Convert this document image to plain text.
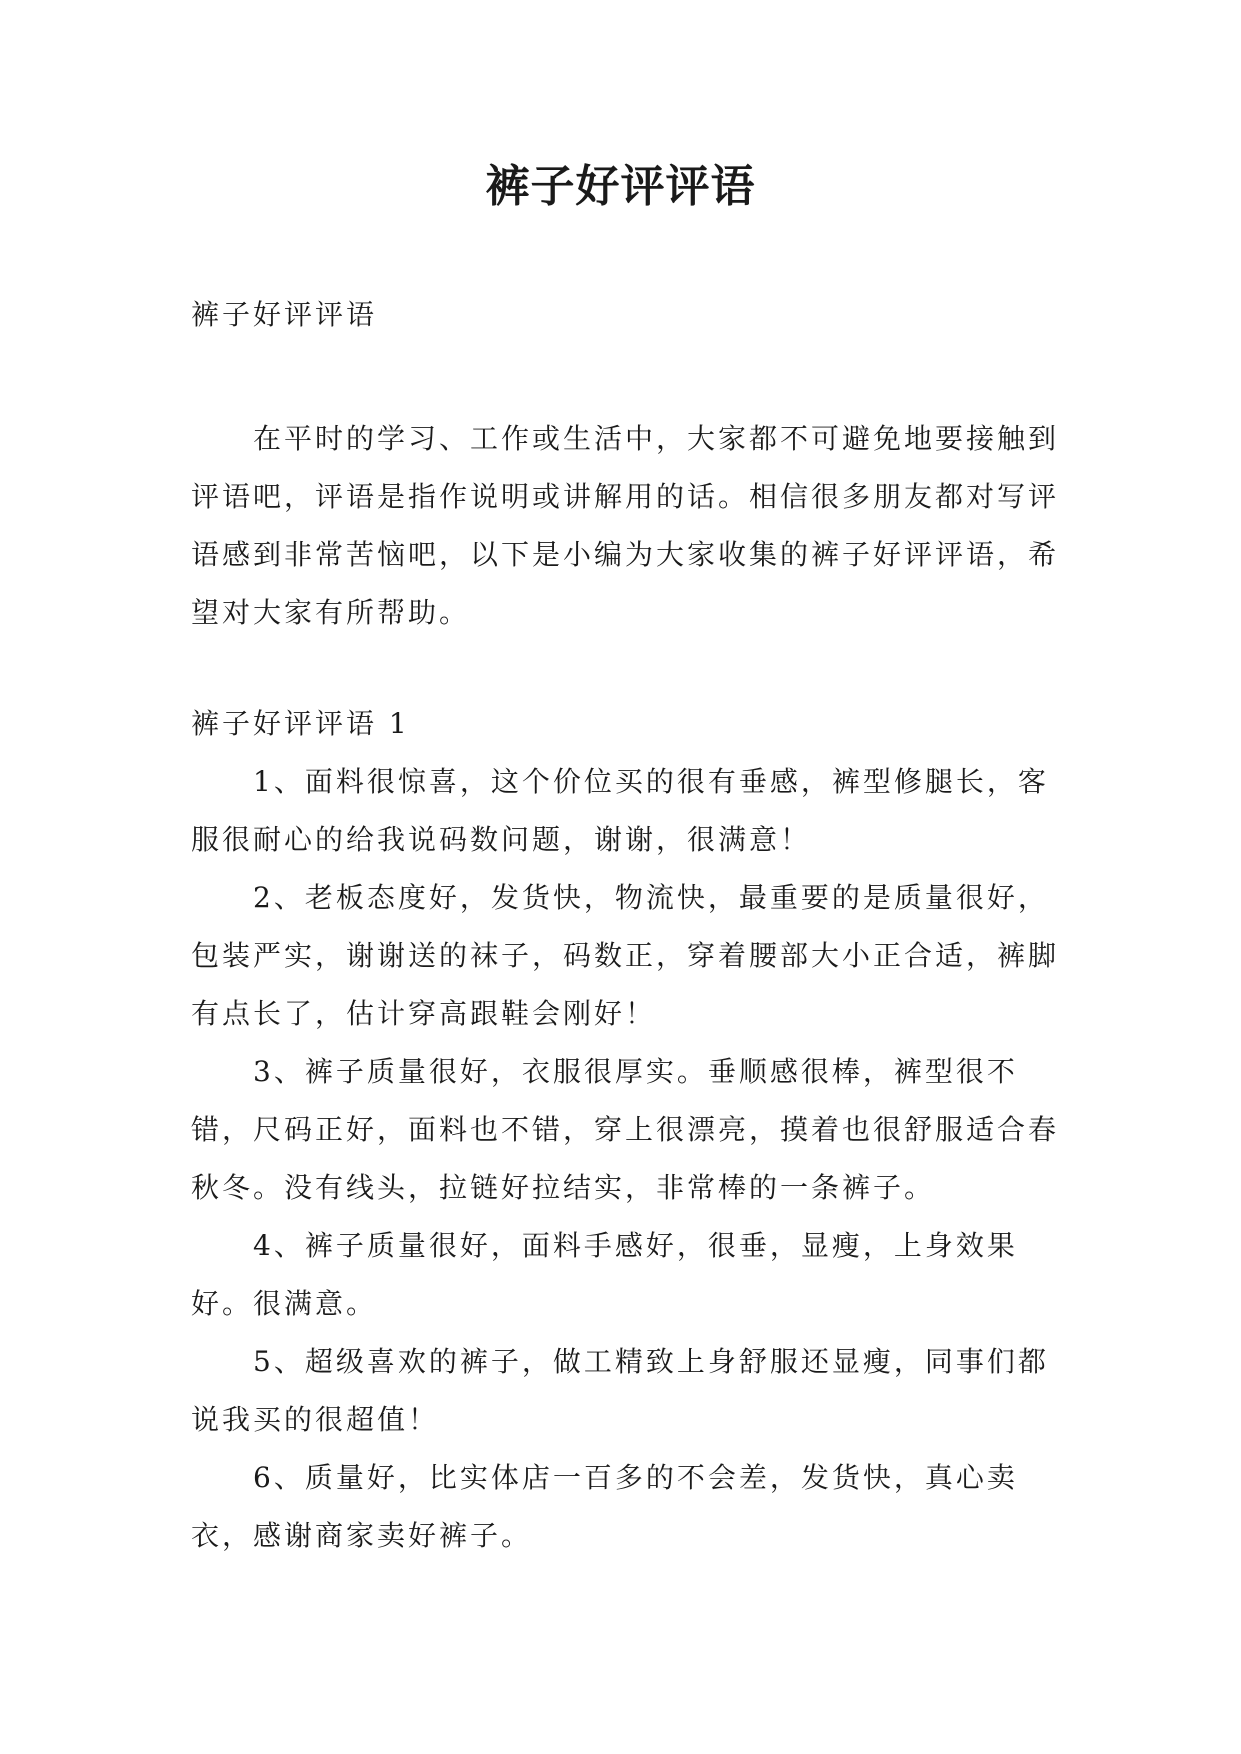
裤子好评评语

裤子好评评语

在平时的学习、工作或生活中，大家都不可避免地要接触到评语吧，评语是指作说明或讲解用的话。相信很多朋友都对写评语感到非常苦恼吧，以下是小编为大家收集的裤子好评评语，希望对大家有所帮助。

裤子好评评语 1

1、面料很惊喜，这个价位买的很有垂感，裤型修腿长，客服很耐心的给我说码数问题，谢谢，很满意！

2、老板态度好，发货快，物流快，最重要的是质量很好，包装严实，谢谢送的袜子，码数正，穿着腰部大小正合适，裤脚有点长了，估计穿高跟鞋会刚好！

3、裤子质量很好，衣服很厚实。垂顺感很棒，裤型很不错，尺码正好，面料也不错，穿上很漂亮，摸着也很舒服适合春秋冬。没有线头，拉链好拉结实，非常棒的一条裤子。

4、裤子质量很好，面料手感好，很垂，显瘦，上身效果好。很满意。

5、超级喜欢的裤子，做工精致上身舒服还显瘦，同事们都说我买的很超值！

6、质量好，比实体店一百多的不会差，发货快，真心卖衣，感谢商家卖好裤子。
